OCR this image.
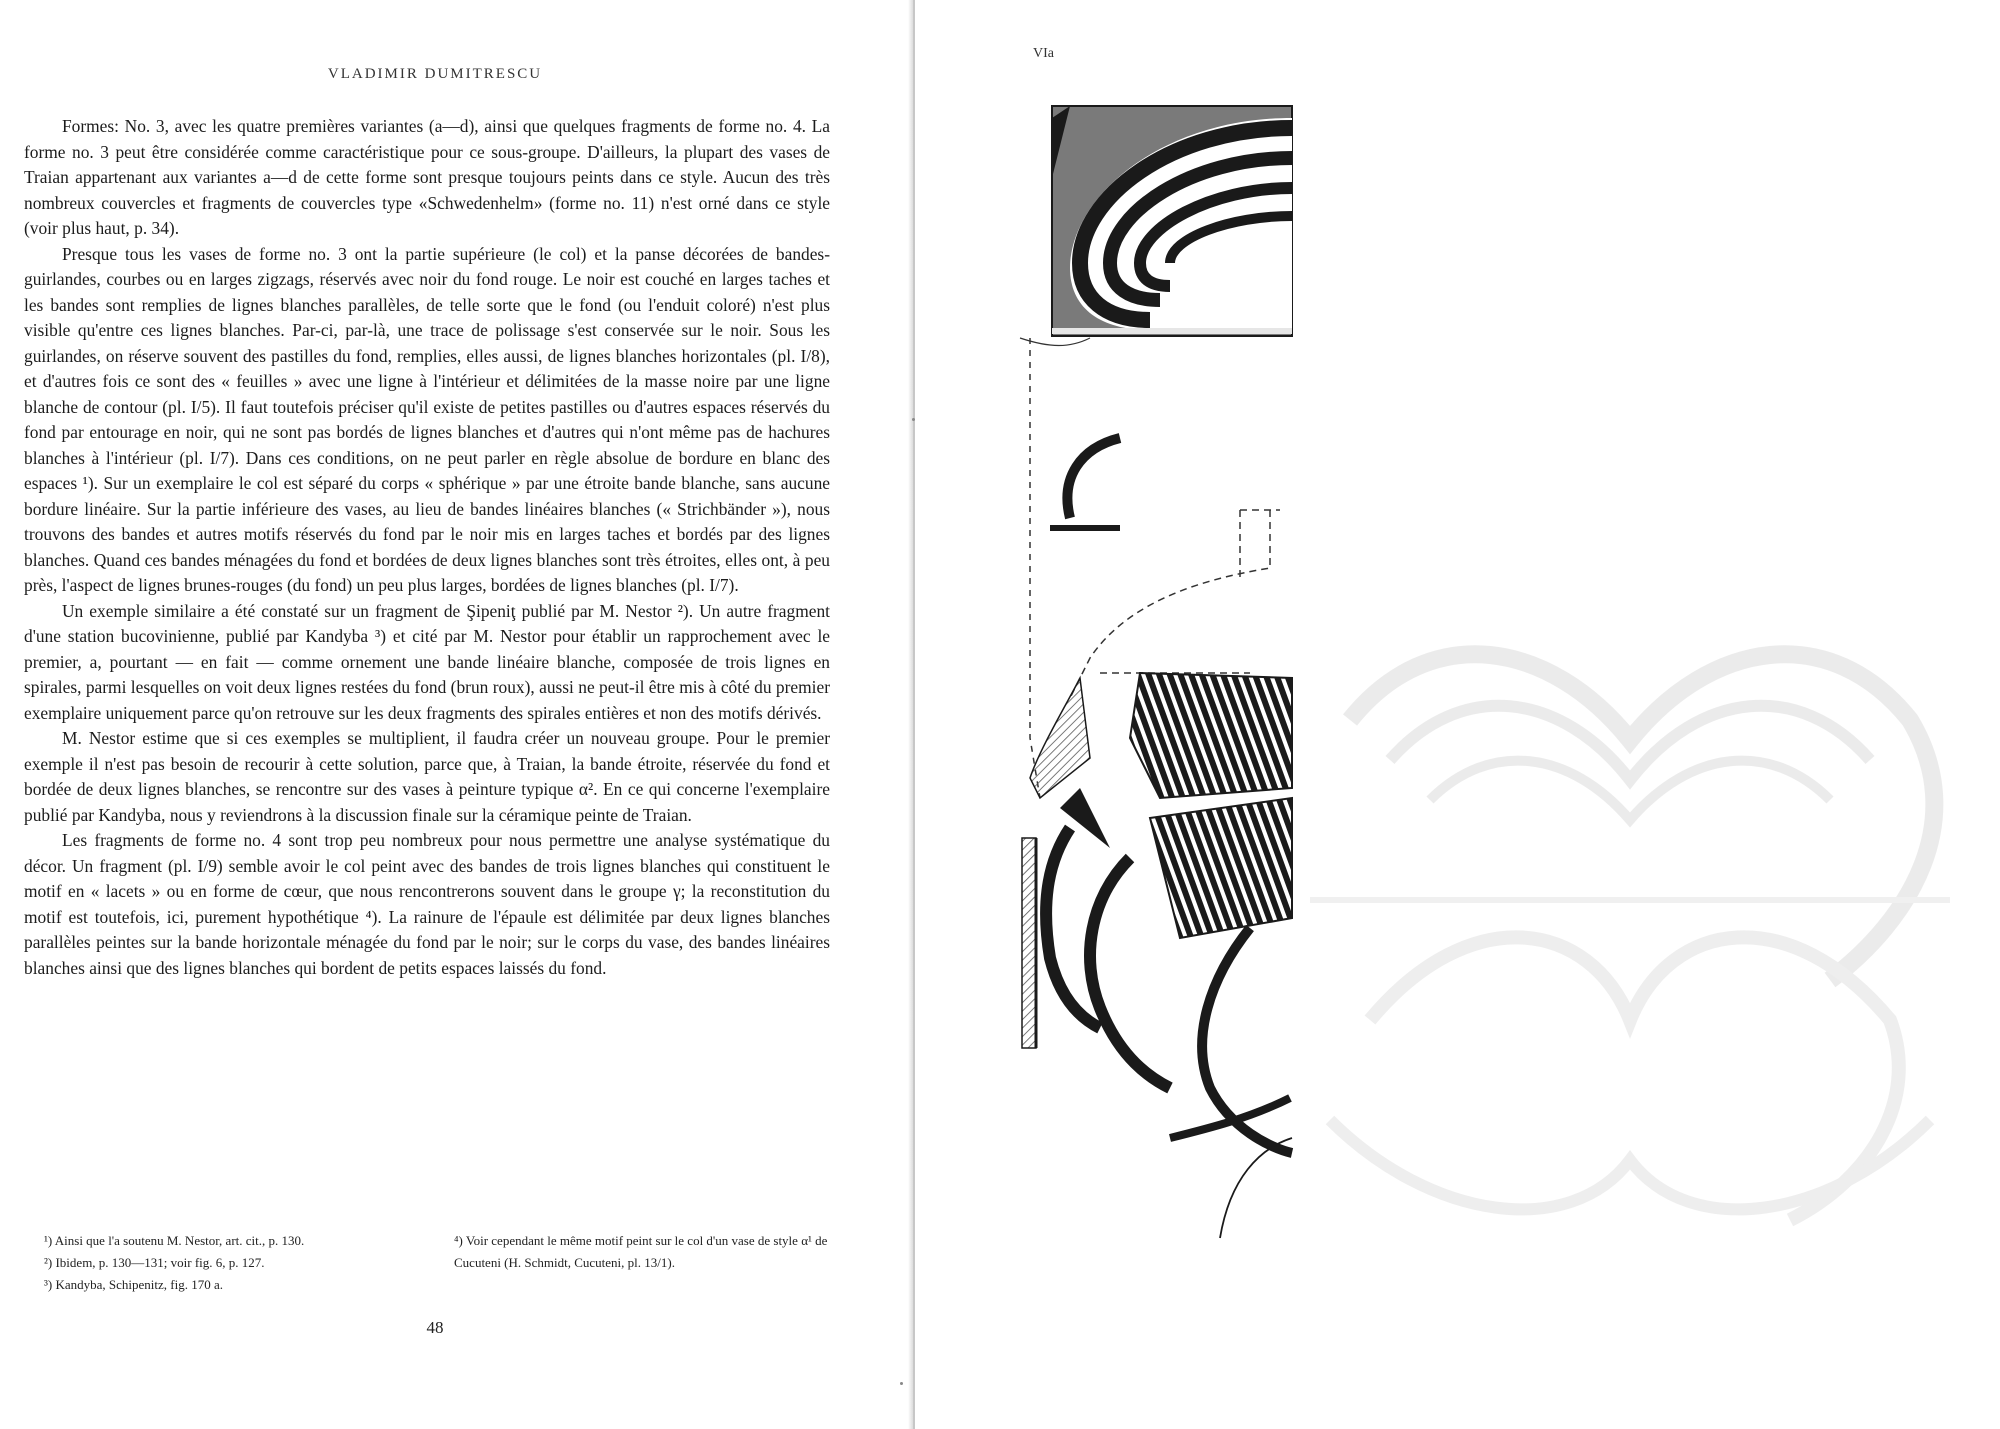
VLADIMIR DUMITRESCU

Formes: No. 3, avec les quatre premières variantes (a—d), ainsi que quelques fragments de forme no. 4. La forme no. 3 peut être considérée comme caractéristique pour ce sous-groupe. D'ailleurs, la plupart des vases de Traian appartenant aux variantes a—d de cette forme sont presque toujours peints dans ce style. Aucun des très nombreux couvercles et fragments de couvercles type «Schwedenhelm» (forme no. 11) n'est orné dans ce style (voir plus haut, p. 34).

Presque tous les vases de forme no. 3 ont la partie supérieure (le col) et la panse décorées de bandes-guirlandes, courbes ou en larges zigzags, réservés avec noir du fond rouge. Le noir est couché en larges taches et les bandes sont remplies de lignes blanches parallèles, de telle sorte que le fond (ou l'enduit coloré) n'est plus visible qu'entre ces lignes blanches. Par-ci, par-là, une trace de polissage s'est conservée sur le noir. Sous les guirlandes, on réserve souvent des pastilles du fond, remplies, elles aussi, de lignes blanches horizontales (pl. I/8), et d'autres fois ce sont des « feuilles » avec une ligne à l'intérieur et délimitées de la masse noire par une ligne blanche de contour (pl. I/5). Il faut toutefois préciser qu'il existe de petites pastilles ou d'autres espaces réservés du fond par entourage en noir, qui ne sont pas bordés de lignes blanches et d'autres qui n'ont même pas de hachures blanches à l'intérieur (pl. I/7). Dans ces conditions, on ne peut parler en règle absolue de bordure en blanc des espaces ¹). Sur un exemplaire le col est séparé du corps « sphérique » par une étroite bande blanche, sans aucune bordure linéaire. Sur la partie inférieure des vases, au lieu de bandes linéaires blanches (« Strichbänder »), nous trouvons des bandes et autres motifs réservés du fond par le noir mis en larges taches et bordés par des lignes blanches. Quand ces bandes ménagées du fond et bordées de deux lignes blanches sont très étroites, elles ont, à peu près, l'aspect de lignes brunes-rouges (du fond) un peu plus larges, bordées de lignes blanches (pl. I/7).

Un exemple similaire a été constaté sur un fragment de Şipeniţ publié par M. Nestor ²). Un autre fragment d'une station bucovinienne, publié par Kandyba ³) et cité par M. Nestor pour établir un rapprochement avec le premier, a, pourtant — en fait — comme ornement une bande linéaire blanche, composée de trois lignes en spirales, parmi lesquelles on voit deux lignes restées du fond (brun roux), aussi ne peut-il être mis à côté du premier exemplaire uniquement parce qu'on retrouve sur les deux fragments des spirales entières et non des motifs dérivés.

M. Nestor estime que si ces exemples se multiplient, il faudra créer un nouveau groupe. Pour le premier exemple il n'est pas besoin de recourir à cette solution, parce que, à Traian, la bande étroite, réservée du fond et bordée de deux lignes blanches, se rencontre sur des vases à peinture typique α². En ce qui concerne l'exemplaire publié par Kandyba, nous y reviendrons à la discussion finale sur la céramique peinte de Traian.

Les fragments de forme no. 4 sont trop peu nombreux pour nous permettre une analyse systématique du décor. Un fragment (pl. I/9) semble avoir le col peint avec des bandes de trois lignes blanches qui constituent le motif en « lacets » ou en forme de cœur, que nous rencontrerons souvent dans le groupe γ; la reconstitution du motif est toutefois, ici, purement hypothétique ⁴). La rainure de l'épaule est délimitée par deux lignes blanches parallèles peintes sur la bande horizontale ménagée du fond par le noir; sur le corps du vase, des bandes linéaires blanches ainsi que des lignes blanches qui bordent de petits espaces laissés du fond.

¹) Ainsi que l'a soutenu M. Nestor, art. cit., p. 130.

²) Ibidem, p. 130—131; voir fig. 6, p. 127.

³) Kandyba, Schipenitz, fig. 170 a.

⁴) Voir cependant le même motif peint sur le col d'un vase de style α¹ de Cucuteni (H. Schmidt, Cucuteni, pl. 13/1).

48
VIa
